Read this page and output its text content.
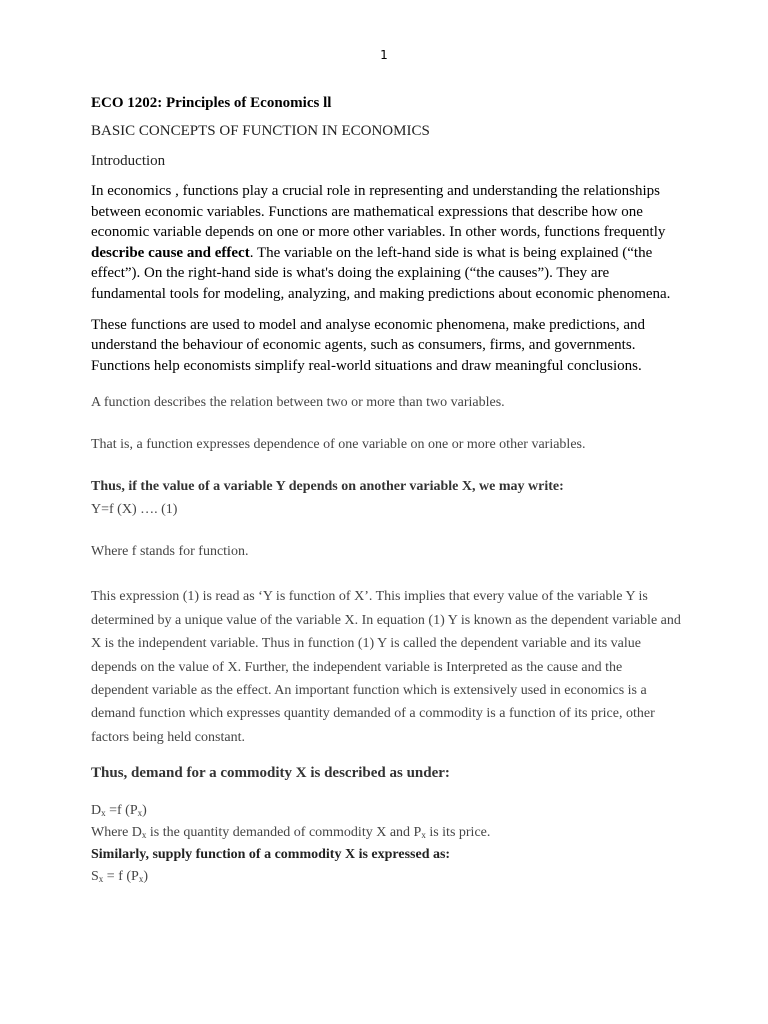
1

ECO 1202: Principles of Economics ll

BASIC CONCEPTS OF FUNCTION IN ECONOMICS

Introduction

In economics , functions play a crucial role in representing and understanding the relationships between economic variables. Functions are mathematical expressions that describe how one economic variable depends on one or more other variables. In other words, functions frequently describe cause and effect. The variable on the left-hand side is what is being explained (“the effect”). On the right-hand side is what's doing the explaining (“the causes”). They are fundamental tools for modeling, analyzing, and making predictions about economic phenomena.

These functions are used to model and analyse economic phenomena, make predictions, and understand the behaviour of economic agents, such as consumers, firms, and governments. Functions help economists simplify real-world situations and draw meaningful conclusions.

A function describes the relation between two or more than two variables.

That is, a function expresses dependence of one variable on one or more other variables.

Thus, if the value of a variable Y depends on another variable X, we may write:

Y=f (X) …. (1)

Where f stands for function.

This expression (1) is read as ‘Y is function of X’. This implies that every value of the variable Y is determined by a unique value of the variable X. In equation (1) Y is known as the dependent variable and X is the independent variable. Thus in function (1) Y is called the dependent variable and its value depends on the value of X. Further, the independent variable is Interpreted as the cause and the dependent variable as the effect. An important function which is extensively used in economics is a demand function which expresses quantity demanded of a commodity is a function of its price, other factors being held constant.

Thus, demand for a commodity X is described as under:

$D_x =f$ $(P_x)$

Where $D_x$ is the quantity demanded of commodity X and $P_x$ is its price.

Similarly, supply function of a commodity X is expressed as:

$S_x = f$ $(P_x)$
